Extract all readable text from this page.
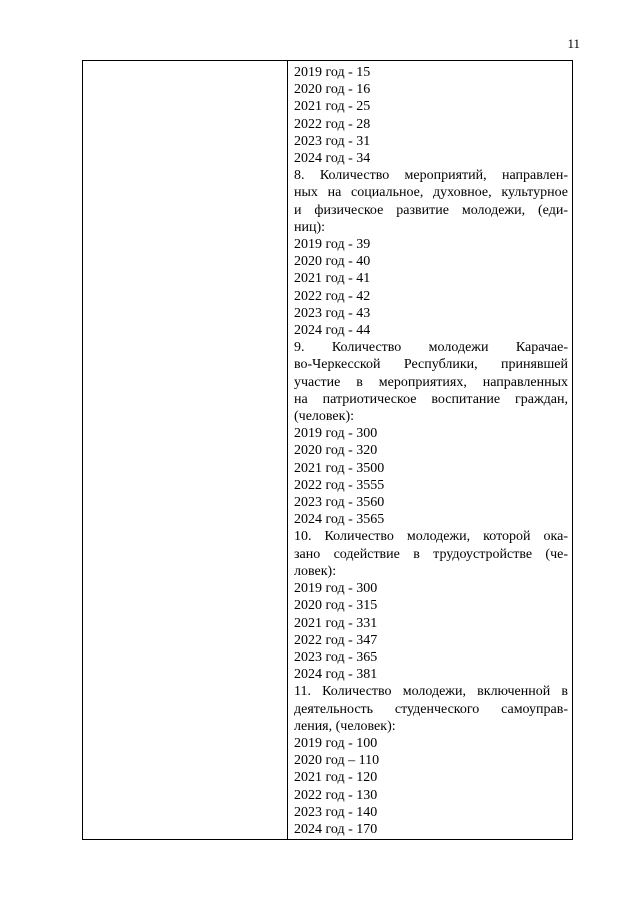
11
2019 год - 15
2020 год - 16
2021 год - 25
2022 год - 28
2023 год - 31
2024 год - 34
8. Количество мероприятий, направлен-
ных на социальное, духовное, культурное
и физическое развитие молодежи, (еди-
ниц):
2019 год - 39
2020 год - 40
2021 год - 41
2022 год - 42
2023 год - 43
2024 год - 44
9. Количество молодежи Карачае-
во-Черкесской Республики, принявшей
участие в мероприятиях, направленных
на патриотическое воспитание граждан,
(человек):
2019 год - 300
2020 год - 320
2021 год - 3500
2022 год - 3555
2023 год - 3560
2024 год - 3565
10. Количество молодежи, которой ока-
зано содействие в трудоустройстве (че-
ловек):
2019 год - 300
2020 год - 315
2021 год - 331
2022 год - 347
2023 год - 365
2024 год - 381
11. Количество молодежи, включенной в
деятельность студенческого самоуправ-
ления, (человек):
2019 год - 100
2020 год – 110
2021 год - 120
2022 год - 130
2023 год - 140
2024 год - 170
